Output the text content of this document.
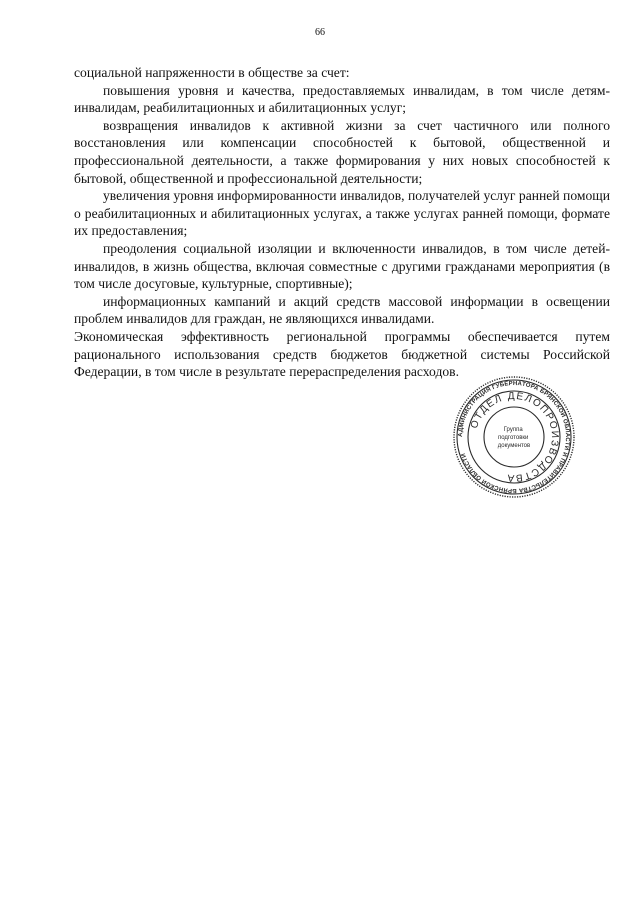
66

социальной напряженности в обществе за счет:

повышения уровня и качества, предоставляемых инвалидам, в том числе детям-инвалидам, реабилитационных и абилитационных услуг;

возвращения инвалидов к активной жизни за счет частичного или полного восстановления или компенсации способностей к бытовой, общественной и профессиональной деятельности, а также формирования у них новых способностей к бытовой, общественной и профессиональной деятельности;

увеличения уровня информированности инвалидов, получателей услуг ранней помощи о реабилитационных и абилитационных услугах, а также услугах ранней помощи, формате их предоставления;

преодоления социальной изоляции и включенности инвалидов, в том числе детей-инвалидов, в жизнь общества, включая совместные с другими гражданами мероприятия (в том числе досуговые, культурные, спортивные);

информационных кампаний и акций средств массовой информации в освещении проблем инвалидов для граждан, не являющихся инвалидами.

Экономическая эффективность региональной программы обеспечивается путем рационального использования средств бюджетов бюджетной системы Российской Федерации, в том числе в результате перераспределения расходов.

АДМИНИСТРАЦИЯ ГУБЕРНАТОРА БРЯНСКОЙ ОБЛАСТИ И ПРАВИТЕЛЬСТВА БРЯНСКОЙ ОБЛАСТИ
ОТДЕЛ ДЕЛОПРОИЗВОДСТВА
Группа подготовки документов
